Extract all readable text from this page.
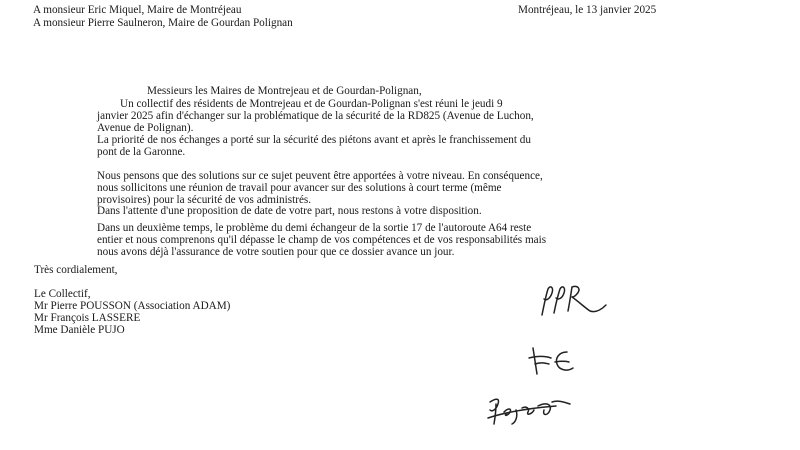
A monsieur Eric Miquel, Maire de Montréjeau

A monsieur Pierre Saulneron, Maire de Gourdan Polignan

Montréjeau, le 13 janvier 2025

Messieurs les Maires de Montrejeau et de Gourdan-Polignan,

Un collectif des résidents de Montrejeau et de Gourdan-Polignan s'est réuni le jeudi 9
janvier 2025 afin d'échanger sur la problématique de la sécurité de la RD825 (Avenue de Luchon,
Avenue de Polignan).
La priorité de nos échanges a porté sur la sécurité des piétons avant et après le franchissement du
pont de la Garonne.
Nous pensons que des solutions sur ce sujet peuvent être apportées à votre niveau. En conséquence,
nous sollicitons une réunion de travail pour avancer sur des solutions à court terme (même
provisoires) pour la sécurité de vos administrés.
Dans l'attente d'une proposition de date de votre part, nous restons à votre disposition.
Dans un deuxième temps, le problème du demi échangeur de la sortie 17 de l'autoroute A64 reste
entier et nous comprenons qu'il dépasse le champ de vos compétences et de vos responsabilités mais
nous avons déjà l'assurance de votre soutien pour que ce dossier avance un jour.

Très cordialement,

Le Collectif,
Mr Pierre POUSSON (Association ADAM)
Mr François LASSERE
Mme Danièle PUJO
